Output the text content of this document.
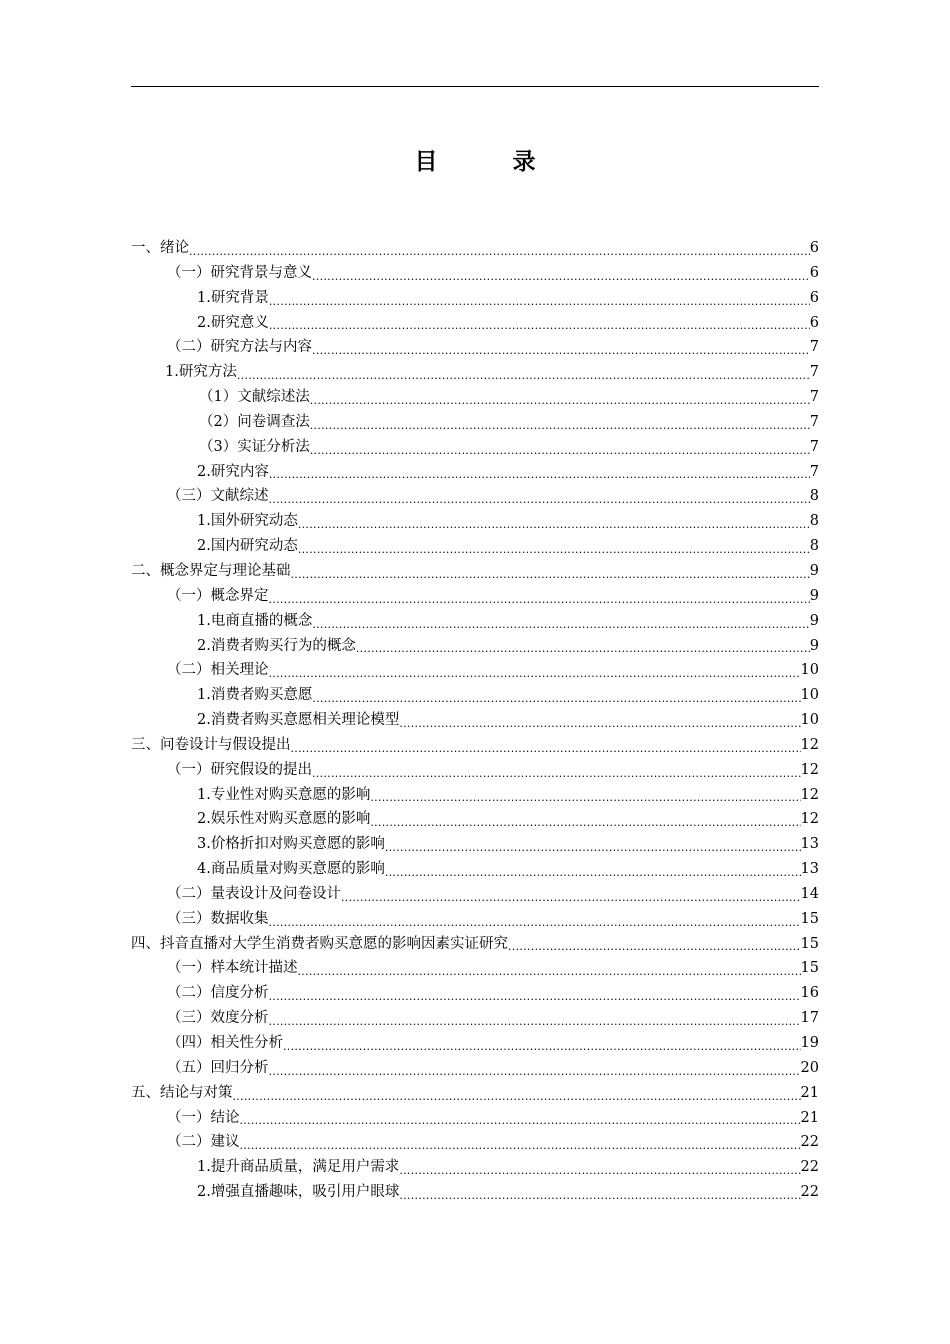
目　录
一、绪论 .....	6
（一）研究背景与意义 .....	6
1.研究背景 .....	6
2.研究意义 .....	6
（二）研究方法与内容 .....	7
1.研究方法 .....	7
（1）文献综述法 .....	7
（2）问卷调查法 .....	7
（3）实证分析法 .....	7
2.研究内容 .....	7
（三）文献综述 .....	8
1.国外研究动态 .....	8
2.国内研究动态 .....	8
二、概念界定与理论基础 .....	9
（一）概念界定 .....	9
1.电商直播的概念 .....	9
2.消费者购买行为的概念 .....	9
（二）相关理论 .....	10
1.消费者购买意愿 .....	10
2.消费者购买意愿相关理论模型 .....	10
三、问卷设计与假设提出 .....	12
（一）研究假设的提出 .....	12
1.专业性对购买意愿的影响 .....	12
2.娱乐性对购买意愿的影响 .....	12
3.价格折扣对购买意愿的影响 .....	13
4.商品质量对购买意愿的影响 .....	13
（二）量表设计及问卷设计 .....	14
（三）数据收集 .....	15
四、抖音直播对大学生消费者购买意愿的影响因素实证研究 .....	15
（一）样本统计描述 .....	15
（二）信度分析 .....	16
（三）效度分析 .....	17
（四）相关性分析 .....	19
（五）回归分析 .....	20
五、结论与对策 .....	21
（一）结论 .....	21
（二）建议 .....	22
1.提升商品质量，满足用户需求 .....	22
2.增强直播趣味，吸引用户眼球 .....	22
